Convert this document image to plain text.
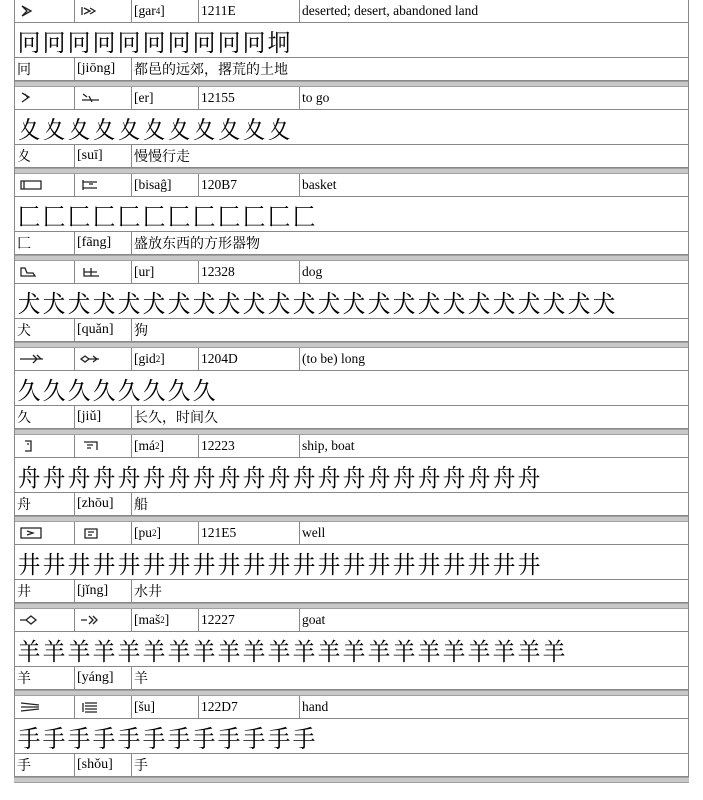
[ gar 4 ]	1211E	deserted; desert, abandoned land
冋 冋 冋 冋 冋 冋 冋 冋 冋 冋 坰
冋	[jiōng]	都邑的远郊，撂荒的土地
[ er ]	12155	to go
夊 夊 夊 夊 夊 夊 夊 夊 夊 夊 夊
夊	[suī]	慢慢行走
[ bisaĝ ]	120B7	basket
匚 匚 匚 匚 匚 匚 匚 匚 匚 匚 匚 匚
匚	[fāng]	盛放东西的方形器物
[ ur ]	12328	dog
犬 犬 犬 犬 犬 犬 犬 犬 犬 犬 犬 犬 犬 犬 犬 犬 犬 犬 犬 犬 犬 犬 犬 犬
犬	[quǎn]	狗
[ gid 2 ]	1204D	(to be) long
久 久 久 久 久 久 久 久
久	[jiǔ]	长久，时间久
[ má 2 ]	12223	ship, boat
舟 舟 舟 舟 舟 舟 舟 舟 舟 舟 舟 舟 舟 舟 舟 舟 舟 舟 舟 舟 舟
舟	[zhōu]	船
[ pu 2 ]	121E5	well
井 井 井 井 井 井 井 井 井 井 井 井 井 井 井 井 井 井 井 井 井
井	[jǐng]	水井
[ maš 2 ]	12227	goat
羊 羊 羊 羊 羊 羊 羊 羊 羊 羊 羊 羊 羊 羊 羊 羊 羊 羊 羊 羊 羊 羊
羊	[yáng]	羊
[ šu ]	122D7	hand
手 手 手 手 手 手 手 手 手 手 手 手
手	[shǒu]	手
